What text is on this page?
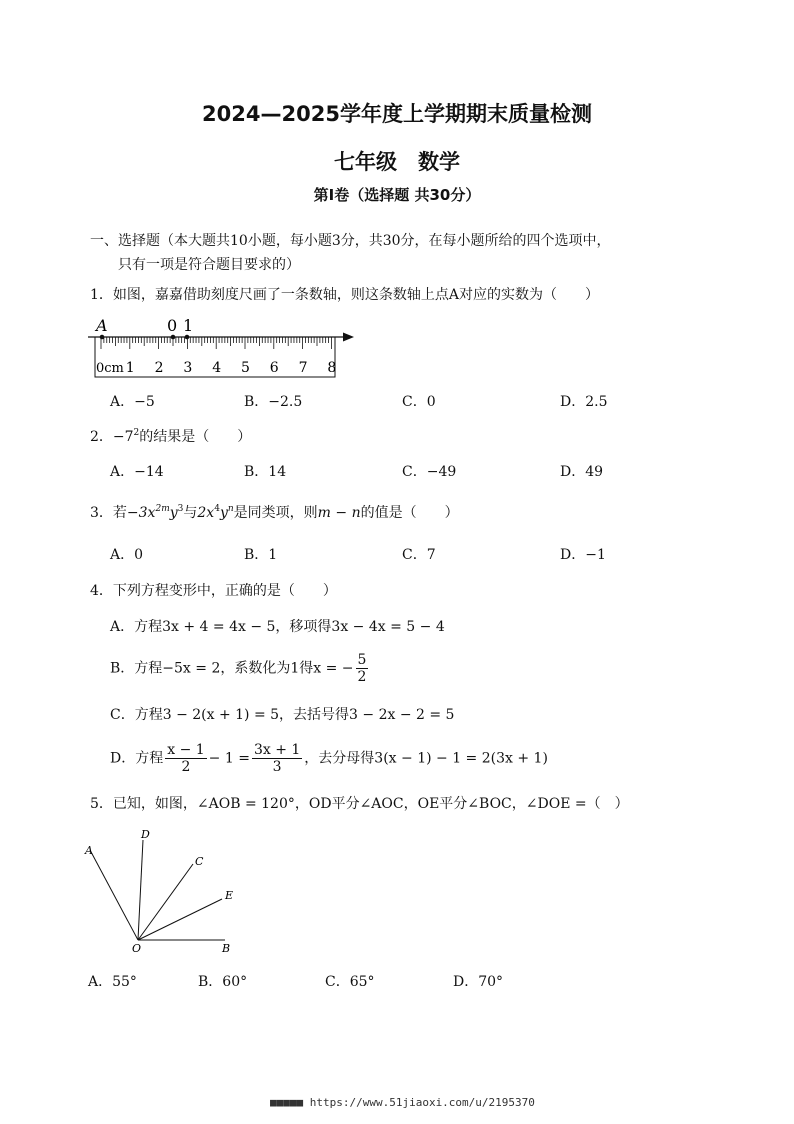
2024—2025学年度上学期期末质量检测
七年级　数学
第Ⅰ卷（选择题 共30分）
一、选择题（本大题共10小题，每小题3分，共30分，在每小题所给的四个选项中，
只有一项是符合题目要求的）
1．如图，嘉嘉借助刻度尺画了一条数轴，则这条数轴上点A对应的实数为（　　）
A	0 1
0cm 1 2 3 4 5 6 7 8
A．−5	B．−2.5	C．0	D．2.5
2．$-7^2$的结果是（　　）
A．−14	B．14	C．−49	D．49
3．若$-3x^{2m}y^3$与$2x^4y^n$是同类项，则m − n的值是（　　）
A．0	B．1	C．7	D．−1
4．下列方程变形中，正确的是（　　）
A．方程3x + 4 = 4x − 5，移项得3x − 4x = 5 − 4
B．方程−5x = 2，系数化为1得x = − $\frac{5}{2}$
C．方程3 − 2(x + 1) = 5，去括号得3 − 2x − 2 = 5
D．方程 $\frac{x - 1}{2} - 1 = \frac{3x + 1}{3}$ ，去分母得3(x − 1) − 1 = 2(3x + 1)
5．已知，如图，∠AOB = 120°，OD平分∠AOC，OE平分∠BOC，∠DOE =（　）
A
D
C
E
O	B
A．55°	B．60°	C．65°	D．70°
■■■■■ https://www.51jiaoxi.com/u/2195370
